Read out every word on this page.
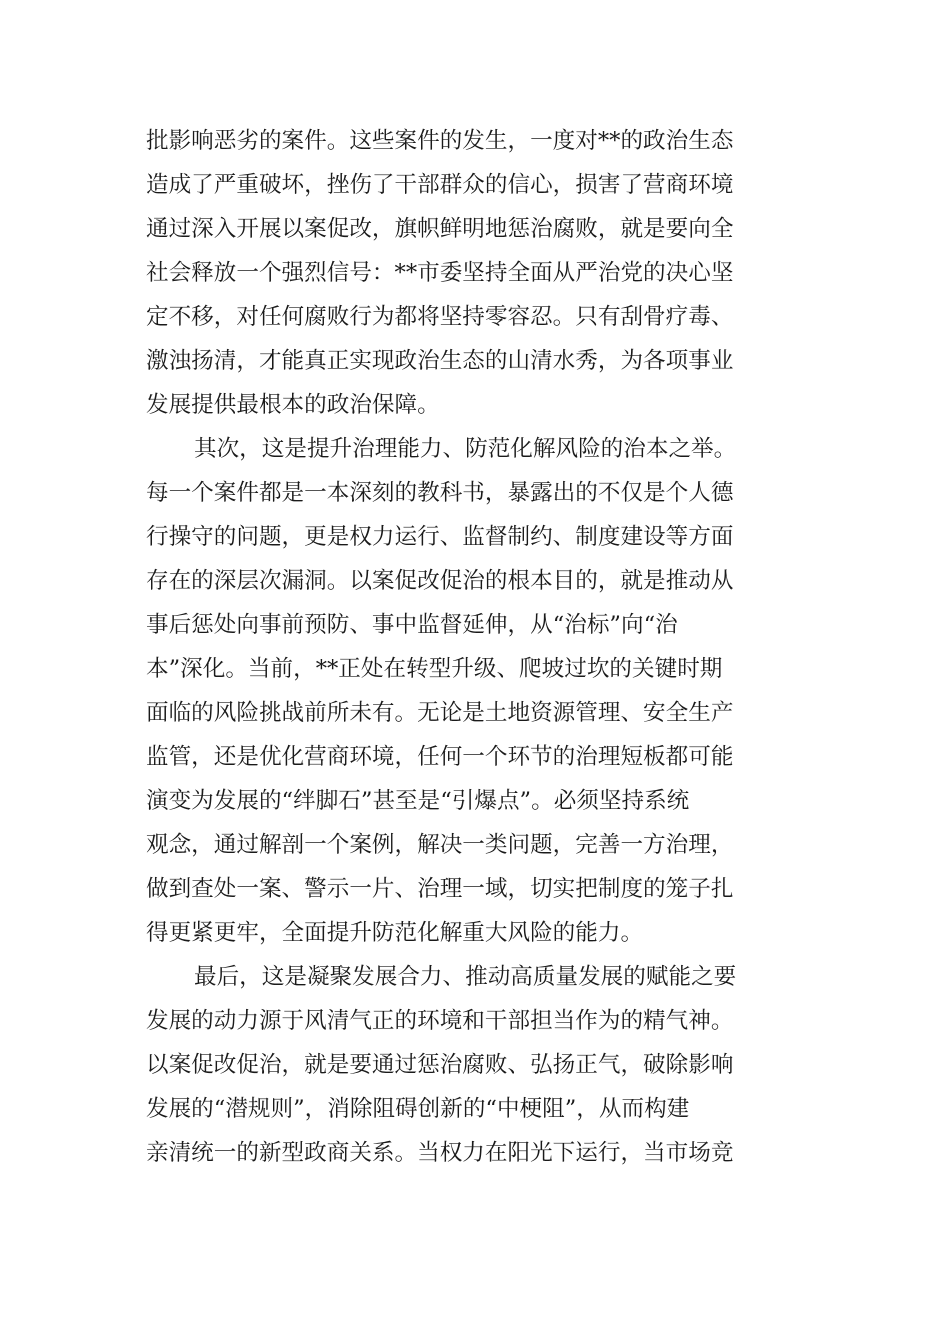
批影响恶劣的案件。这些案件的发生，一度对**的政治生态
造成了严重破坏，挫伤了干部群众的信心，损害了营商环境
通过深入开展以案促改，旗帜鲜明地惩治腐败，就是要向全
社会释放一个强烈信号：**市委坚持全面从严治党的决心坚
定不移，对任何腐败行为都将坚持零容忍。只有刮骨疗毒、
激浊扬清，才能真正实现政治生态的山清水秀，为各项事业
发展提供最根本的政治保障。
其次，这是提升治理能力、防范化解风险的治本之举。
每一个案件都是一本深刻的教科书，暴露出的不仅是个人德
行操守的问题，更是权力运行、监督制约、制度建设等方面
存在的深层次漏洞。以案促改促治的根本目的，就是推动从
事后惩处向事前预防、事中监督延伸，从“治标”向“治
本”深化。当前，**正处在转型升级、爬坡过坎的关键时期
面临的风险挑战前所未有。无论是土地资源管理、安全生产
监管，还是优化营商环境，任何一个环节的治理短板都可能
演变为发展的“绊脚石”甚至是“引爆点”。必须坚持系统
观念，通过解剖一个案例，解决一类问题，完善一方治理，
做到查处一案、警示一片、治理一域，切实把制度的笼子扎
得更紧更牢，全面提升防范化解重大风险的能力。
最后，这是凝聚发展合力、推动高质量发展的赋能之要
发展的动力源于风清气正的环境和干部担当作为的精气神。
以案促改促治，就是要通过惩治腐败、弘扬正气，破除影响
发展的“潜规则”，消除阻碍创新的“中梗阻”，从而构建
亲清统一的新型政商关系。当权力在阳光下运行，当市场竞
